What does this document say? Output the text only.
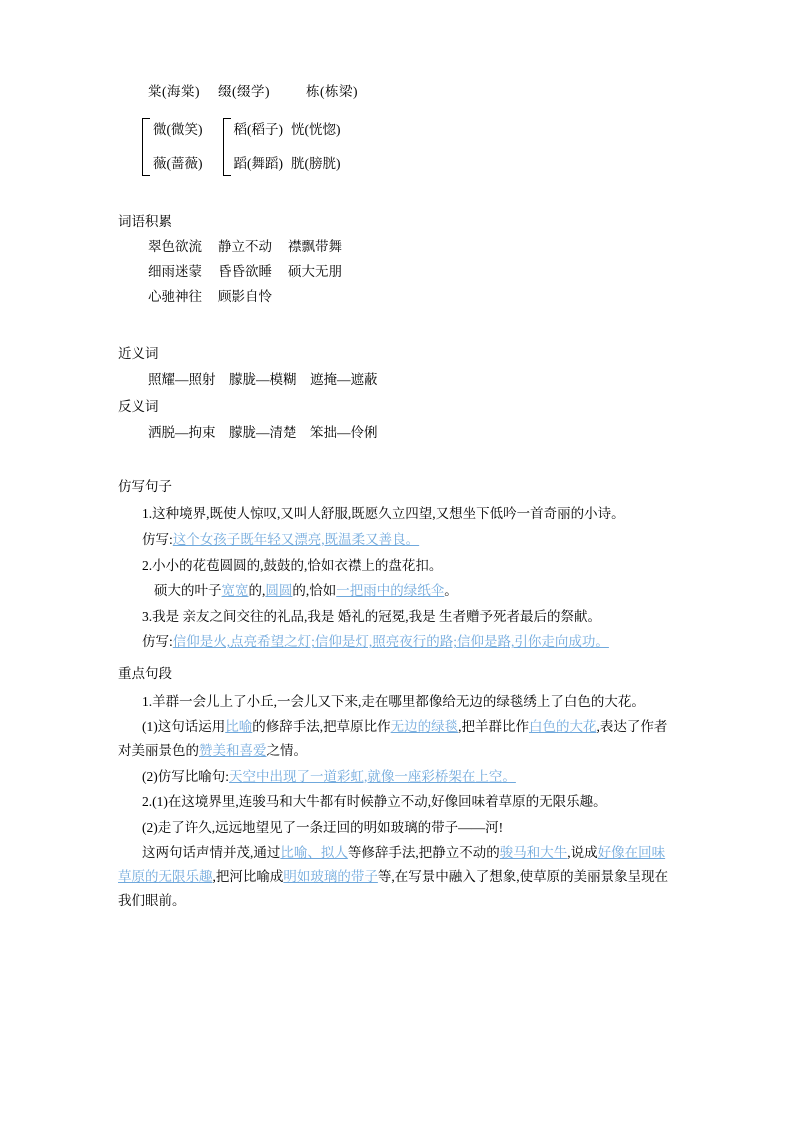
棠(海棠) 缀(缀学)	栋(栋梁)
微(微笑)
薇(蔷薇)
稻(稻子)
蹈(舞蹈)
恍(恍惚)
胱(膀胱)
词语积累
翠色欲流 静立不动 襟飘带舞
细雨迷蒙 昏昏欲睡 硕大无朋
心驰神往 顾影自怜
近义词
照耀—照射　朦胧—模糊　遮掩—遮蔽
反义词
洒脱—拘束　朦胧—清楚　笨拙—伶俐
仿写句子
1.这种境界,既使人惊叹,又叫人舒服,既愿久立四望,又想坐下低吟一首奇丽的小诗。
仿写:这个女孩子既年轻又漂亮,既温柔又善良。
2.小小的花苞圆圆的,鼓鼓的,恰如衣襟上的盘花扣。
硕大的叶子宽宽的,圆圆的,恰如一把雨中的绿纸伞。
3.我是 亲友之间交往的礼品,我是 婚礼的冠冕,我是 生者赠予死者最后的祭献。
仿写:信仰是火,点亮希望之灯;信仰是灯,照亮夜行的路;信仰是路,引你走向成功。
重点句段
1.羊群一会儿上了小丘,一会儿又下来,走在哪里都像给无边的绿毯绣上了白色的大花。
(1)这句话运用比喻的修辞手法,把草原比作无边的绿毯,把羊群比作白色的大花,表达了作者对美丽景色的赞美和喜爱之情。
(2)仿写比喻句:天空中出现了一道彩虹,就像一座彩桥架在上空。
2.(1)在这境界里,连骏马和大牛都有时候静立不动,好像回味着草原的无限乐趣。
(2)走了许久,远远地望见了一条迂回的明如玻璃的带子——河!
这两句话声情并茂,通过比喻、拟人等修辞手法,把静立不动的骏马和大牛,说成好像在回味草原的无限乐趣,把河比喻成明如玻璃的带子等,在写景中融入了想象,使草原的美丽景象呈现在我们眼前。
